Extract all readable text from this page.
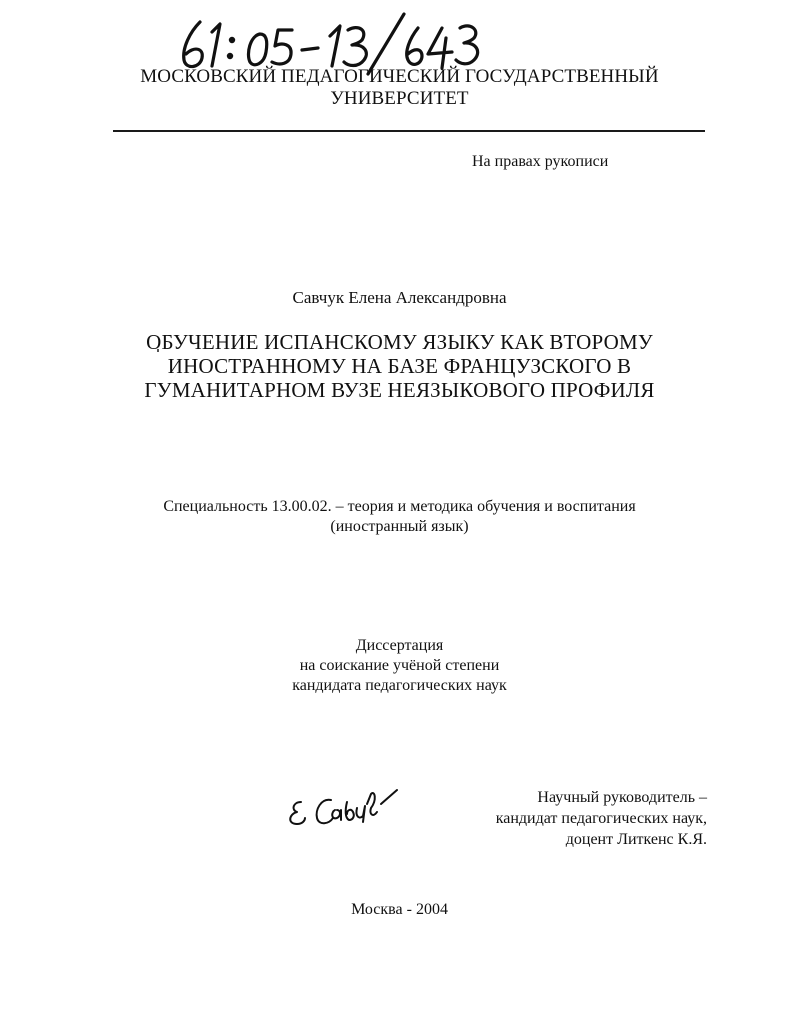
МОСКОВСКИЙ ПЕДАГОГИЧЕСКИЙ ГОСУДАРСТВЕННЫЙ
УНИВЕРСИТЕТ
На правах рукописи
Савчук Елена Александровна
ОБУЧЕНИЕ ИСПАНСКОМУ ЯЗЫКУ КАК ВТОРОМУ
ИНОСТРАННОМУ НА БАЗЕ ФРАНЦУЗСКОГО В
ГУМАНИТАРНОМ ВУЗЕ НЕЯЗЫКОВОГО ПРОФИЛЯ
Специальность 13.00.02. – теория и методика обучения и воспитания
(иностранный язык)
Диссертация
на соискание учёной степени
кандидата педагогических наук
Научный руководитель –
кандидат педагогических наук,
доцент Литкенс К.Я.
Москва - 2004
